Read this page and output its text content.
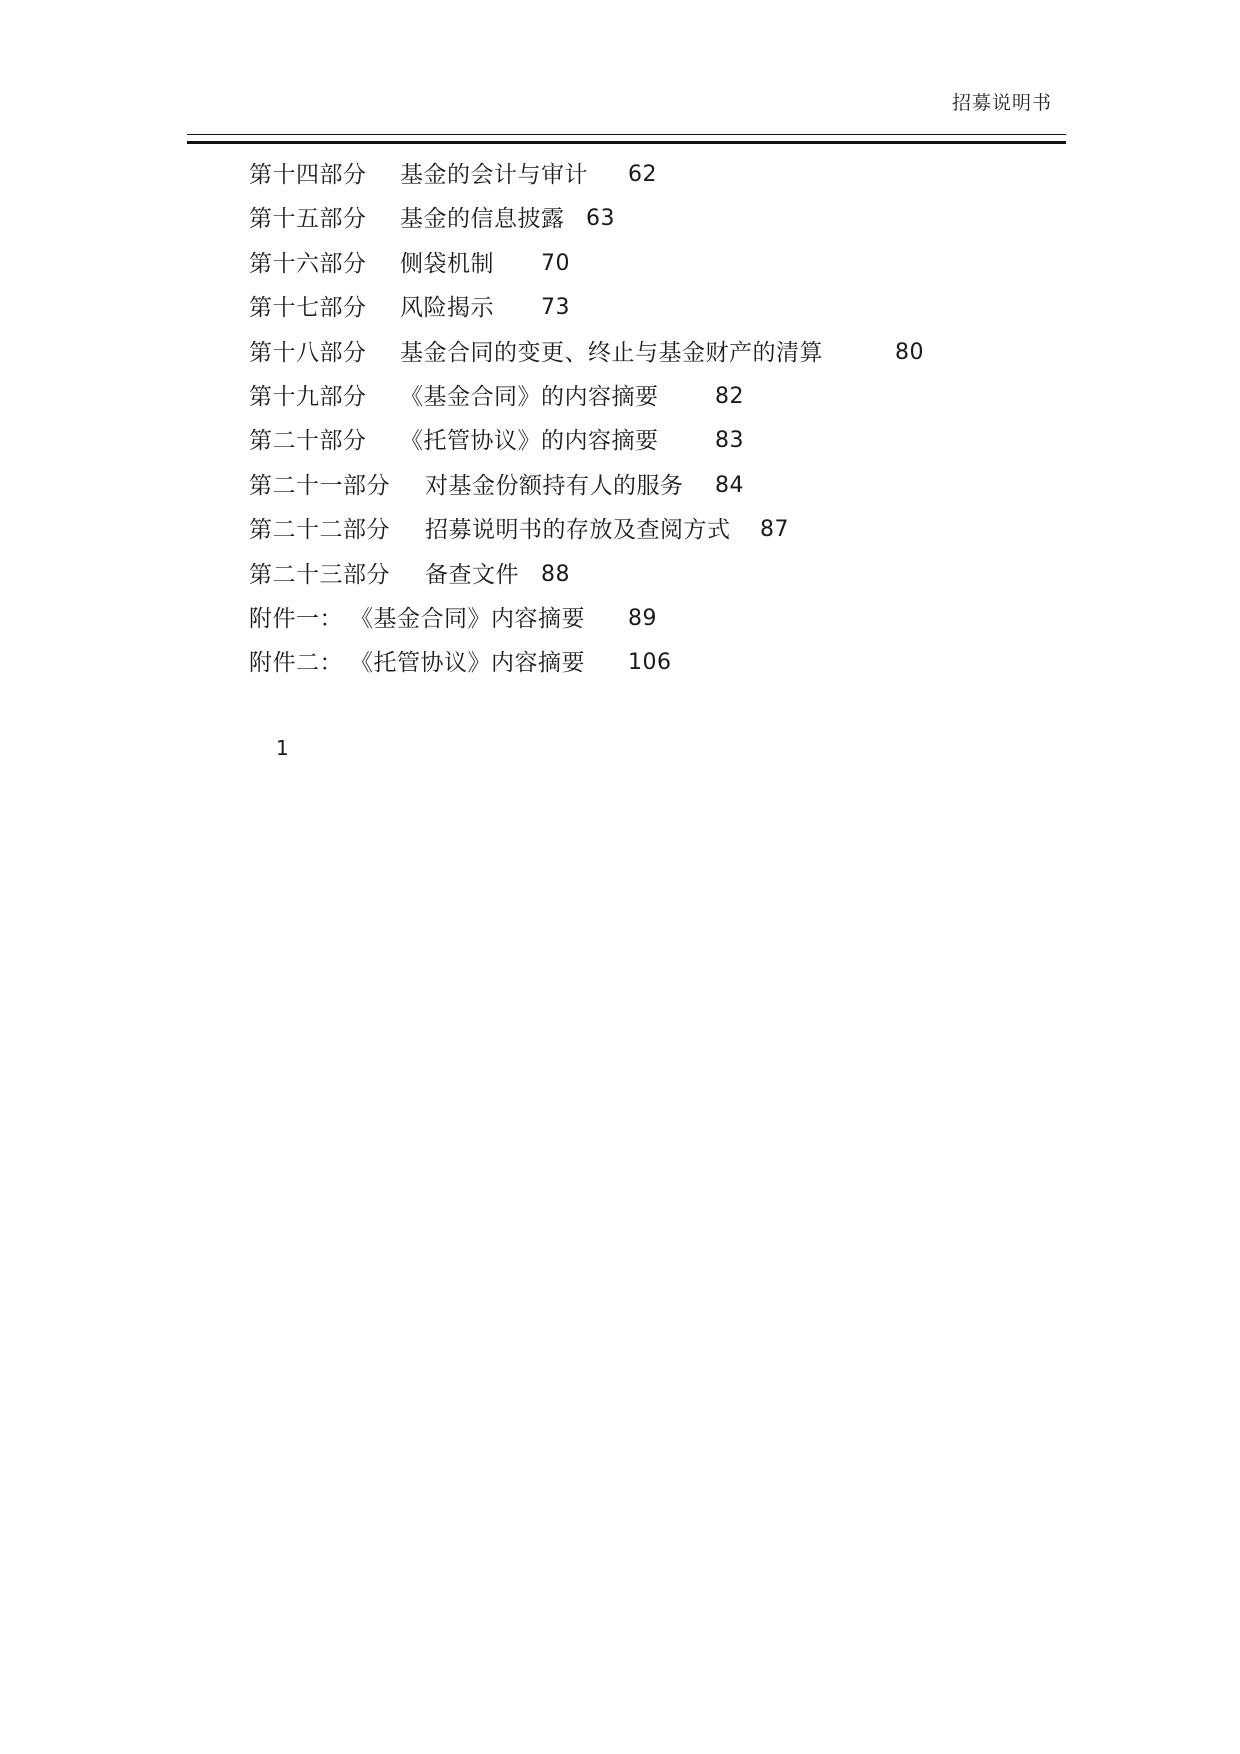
招募说明书
第十四部分 基金的会计与审计 62
第十五部分 基金的信息披露 63
第十六部分 侧袋机制 70
第十七部分 风险揭示 73
第十八部分 基金合同的变更、终止与基金财产的清算	80
第十九部分 《基金合同》的内容摘要	82
第二十部分 《托管协议》的内容摘要	83
第二十一部分 对基金份额持有人的服务 84
第二十二部分 招募说明书的存放及查阅方式 87
第二十三部分 备查文件 88
附件一： 《基金合同》内容摘要 89
附件二： 《托管协议》内容摘要 106
1
